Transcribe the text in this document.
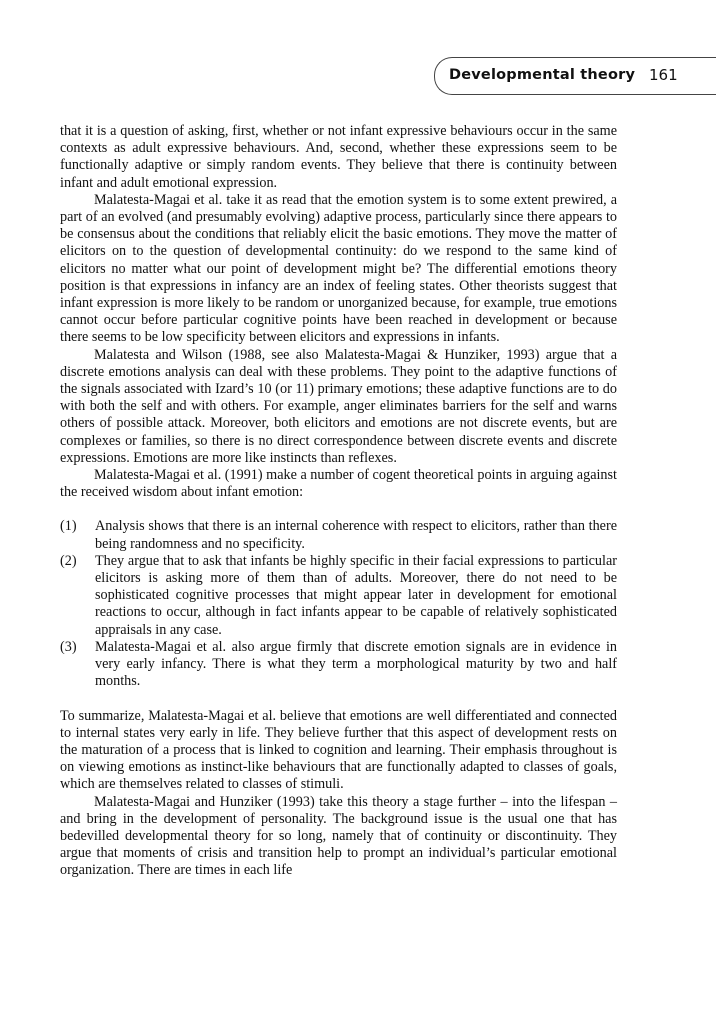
Developmental theory 161

that it is a question of asking, first, whether or not infant expressive behaviours occur in the same contexts as adult expressive behaviours. And, second, whether these expressions seem to be functionally adaptive or simply random events. They believe that there is continuity between infant and adult emotional expression.

Malatesta-Magai et al. take it as read that the emotion system is to some extent prewired, a part of an evolved (and presumably evolving) adaptive process, particularly since there appears to be consensus about the conditions that reliably elicit the basic emotions. They move the matter of elicitors on to the question of developmental continuity: do we respond to the same kind of elicitors no matter what our point of development might be? The differential emotions theory position is that expressions in infancy are an index of feeling states. Other theorists suggest that infant expression is more likely to be random or unorganized because, for example, true emotions cannot occur before particular cognitive points have been reached in development or because there seems to be low specificity between elicitors and expressions in infants.

Malatesta and Wilson (1988, see also Malatesta-Magai & Hunziker, 1993) argue that a discrete emotions analysis can deal with these problems. They point to the adaptive functions of the signals associated with Izard’s 10 (or 11) primary emotions; these adaptive functions are to do with both the self and with others. For example, anger eliminates barriers for the self and warns others of possible attack. Moreover, both elicitors and emotions are not discrete events, but are complexes or families, so there is no direct correspondence between discrete events and discrete expressions. Emotions are more like instincts than reflexes.

Malatesta-Magai et al. (1991) make a number of cogent theoretical points in arguing against the received wisdom about infant emotion:

(1) Analysis shows that there is an internal coherence with respect to elicitors, rather than there being randomness and no specificity.
(2) They argue that to ask that infants be highly specific in their facial expressions to particular elicitors is asking more of them than of adults. Moreover, there do not need to be sophisticated cognitive processes that might appear later in development for emotional reactions to occur, although in fact infants appear to be capable of relatively sophisticated appraisals in any case.
(3) Malatesta-Magai et al. also argue firmly that discrete emotion signals are in evidence in very early infancy. There is what they term a morphological maturity by two and half months.

To summarize, Malatesta-Magai et al. believe that emotions are well differentiated and connected to internal states very early in life. They believe further that this aspect of development rests on the maturation of a process that is linked to cognition and learning. Their emphasis throughout is on viewing emotions as instinct-like behaviours that are functionally adapted to classes of goals, which are themselves related to classes of stimuli.

Malatesta-Magai and Hunziker (1993) take this theory a stage further – into the lifespan – and bring in the development of personality. The background issue is the usual one that has bedevilled developmental theory for so long, namely that of continuity or discontinuity. They argue that moments of crisis and transition help to prompt an individual’s particular emotional organization. There are times in each life
